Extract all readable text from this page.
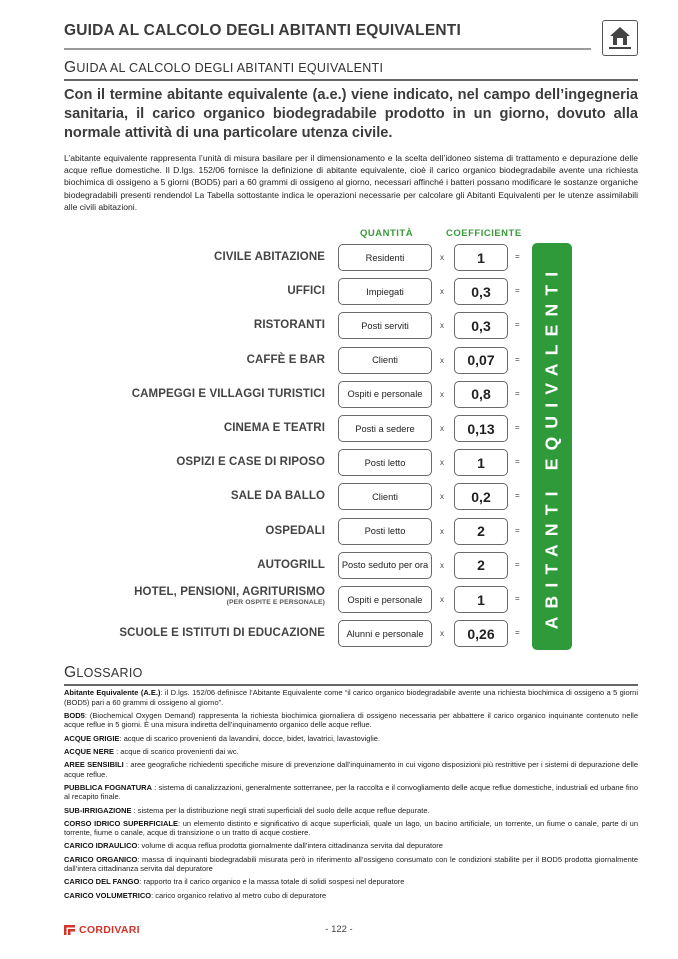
GUIDA AL CALCOLO DEGLI ABITANTI EQUIVALENTI
GUIDA AL CALCOLO DEGLI ABITANTI EQUIVALENTI
Con il termine abitante equivalente (a.e.) viene indicato, nel campo dell’ingegneria sanitaria, il carico organico biodegradabile prodotto in un giorno, dovuto alla normale attività di una particolare utenza civile.
L’abitante equivalente rappresenta l’unità di misura basilare per il dimensionamento e la scelta dell’idoneo sistema di trattamento e depurazione delle acque reflue domestiche. Il D.lgs. 152/06 fornisce la definizione di abitante equivalente, cioè il carico organico biodegradabile avente una richiesta biochimica di ossigeno a 5 giorni (BOD5) pari a 60 grammi di ossigeno al giorno, necessari affinché i batteri possano modificare le sostanze organiche biodegradabili presenti rendendol La Tabella sottostante indica le operazioni necessarie per calcolare gli Abitanti Equivalenti per le utenze assimilabili alle civili abitazioni.
QUANTITÀ	COEFFICIENTE
CIVILE ABITAZIONE	Residenti	x	1	=
UFFICI	Impiegati	x	0,3	=
RISTORANTI	Posti serviti	x	0,3	=
CAFFÈ E BAR	Clienti	x	0,07	=
CAMPEGGI E VILLAGGI TURISTICI	Ospiti e personale	x	0,8	=
CINEMA E TEATRI	Posti a sedere	x	0,13	=
OSPIZI E CASE DI RIPOSO	Posti letto	x	1	=
SALE DA BALLO	Clienti	x	0,2	=
OSPEDALI	Posti letto	x	2	=
AUTOGRILL	Posto seduto per ora	x	2	=
HOTEL, PENSIONI, AGRITURISMO
(PER OSPITE E PERSONALE)	Ospiti e personale	x	1	=
SCUOLE E ISTITUTI DI EDUCAZIONE	Alunni e personale	x	0,26	=
ABITANTI EQUIVALENTI
GLOSSARIO
Abitante Equivalente (A.E.): il D.lgs. 152/06 definisce l’Abitante Equivalente come “il carico organico biodegradabile avente una richiesta biochimica di ossigeno a 5 giorni (BOD5) pari a 60 grammi di ossigeno al giorno”.
BOD5: (Biochemical Oxygen Demand) rappresenta la richiesta biochimica giornaliera di ossigeno necessaria per abbattere il carico organico inquinante contenuto nelle acque reflue in 5 giorni. È una misura indiretta dell’inquinamento organico delle acque reflue.
ACQUE GRIGIE: acque di scarico provenienti da lavandini, docce, bidet, lavatrici, lavastoviglie.
ACQUE NERE : acque di scarico provenienti dai wc.
AREE SENSIBILI : aree geografiche richiedenti specifiche misure di prevenzione dall’inquinamento in cui vigono disposizioni più restrittive per i sistemi di depurazione delle acque reflue.
PUBBLICA FOGNATURA : sistema di canalizzazioni, generalmente sotterranee, per la raccolta e il convogliamento delle acque reflue domestiche, industriali ed urbane fino al recapito finale.
SUB-IRRIGAZIONE : sistema per la distribuzione negli strati superficiali del suolo delle acque reflue depurate.
CORSO IDRICO SUPERFICIALE: un elemento distinto e significativo di acque superficiali, quale un lago, un bacino artificiale, un torrente, un fiume o canale, parte di un torrente, fiume o canale, acque di transizione o un tratto di acque costiere.
CARICO IDRAULICO: volume di acqua reflua prodotta giornalmente dall’intera cittadinanza servita dal depuratore
CARICO ORGANICO: massa di inquinanti biodegradabili misurata però in riferimento all’ossigeno consumato con le condizioni stabilite per il BOD5 prodotta giornalmente dall’intera cittadinanza servita dal depuratore
CARICO DEL FANGO: rapporto tra il carico organico e la massa totale di solidi sospesi nel depuratore
CARICO VOLUMETRICO: carico organico relativo al metro cubo di depuratore
CORDIVARI	- 122 -
